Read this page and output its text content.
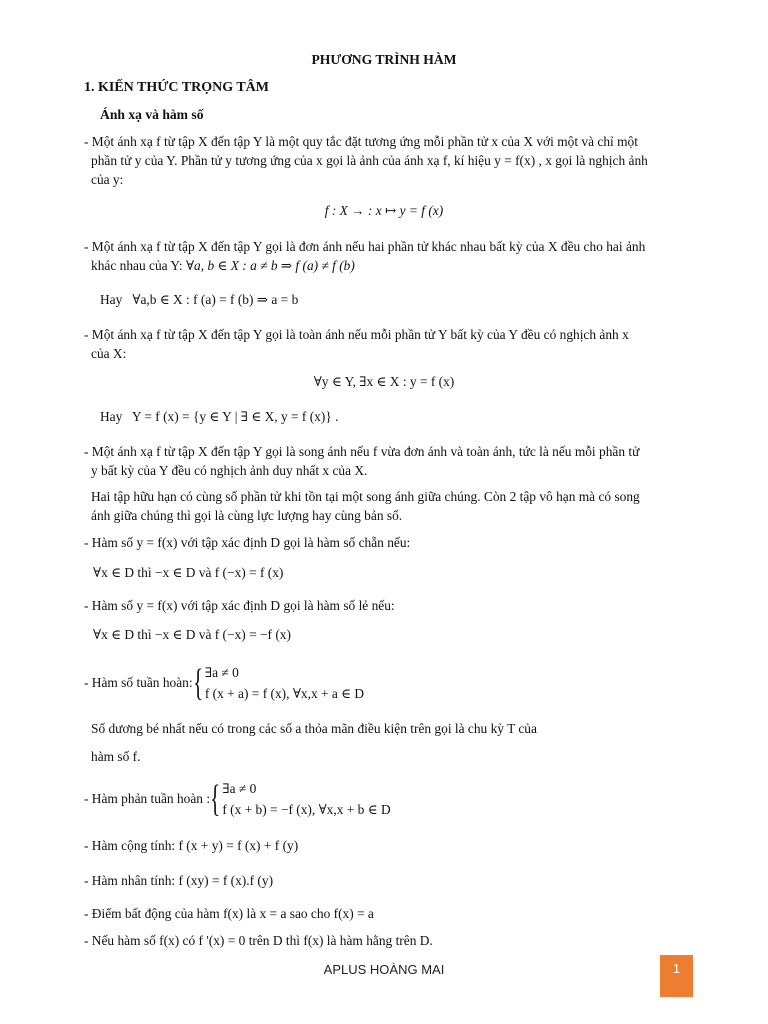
PHƯƠNG TRÌNH HÀM
1. KIẾN THỨC TRỌNG TÂM
Ánh xạ và hàm số
- Một ánh xạ f từ tập X đến tập Y là một quy tắc đặt tương ứng mỗi phần tử x của X với một và chỉ một
phần tử y của Y. Phần tử y tương ứng của x gọi là ảnh của ánh xạ f, kí hiệu y = f(x) , x gọi là nghịch ảnh
của y:
f : X → : x ↦ y = f (x)
- Một ánh xạ f từ tập X đến tập Y gọi là đơn ánh nếu hai phần tử khác nhau bất kỳ của X đều cho hai ảnh
khác nhau của Y: ∀a, b ∈ X : a ≠ b ⇒ f (a) ≠ f (b)
Hay ∀a,b ∈ X : f (a) = f (b) ⇒ a = b
- Một ánh xạ f từ tập X đến tập Y gọi là toàn ánh nếu mỗi phần tử Y bất kỳ của Y đều có nghịch ảnh x
của X:
∀y ∈ Y, ∃x ∈ X : y = f (x)
Hay Y = f (x) = {y ∈ Y | ∃ ∈ X, y = f (x)} .
- Một ánh xạ f từ tập X đến tập Y gọi là song ánh nếu f vừa đơn ánh và toàn ánh, tức là nếu mỗi phần tử
y bất kỳ của Y đều có nghịch ảnh duy nhất x của X.
Hai tập hữu hạn có cùng số phần tử khi tồn tại một song ánh giữa chúng. Còn 2 tập vô hạn mà có song
ánh giữa chúng thì gọi là cùng lực lượng hay cùng bản số.
- Hàm số y = f(x) với tập xác định D gọi là hàm số chẵn nếu:
∀x ∈ D thì −x ∈ D và f (−x) = f (x)
- Hàm số y = f(x) với tập xác định D gọi là hàm số lẻ nếu:
∀x ∈ D thì −x ∈ D và f (−x) = −f (x)
- Hàm số tuần hoàn: { ∃a ≠ 0
f (x + a) = f (x), ∀x,x + a ∈ D
Số dương bé nhất nếu có trong các số a thỏa mãn điều kiện trên gọi là chu kỳ T của
hàm số f.
- Hàm phản tuần hoàn : { ∃a ≠ 0
f (x + b) = −f (x), ∀x,x + b ∈ D
- Hàm cộng tính: f (x + y) = f (x) + f (y)
- Hàm nhân tính: f (xy) = f (x).f (y)
- Điểm bất động của hàm f(x) là x = a sao cho f(x) = a
- Nếu hàm số f(x) có f '(x) = 0 trên D thì f(x) là hàm hằng trên D.
APLUS HOÀNG MAI	1
